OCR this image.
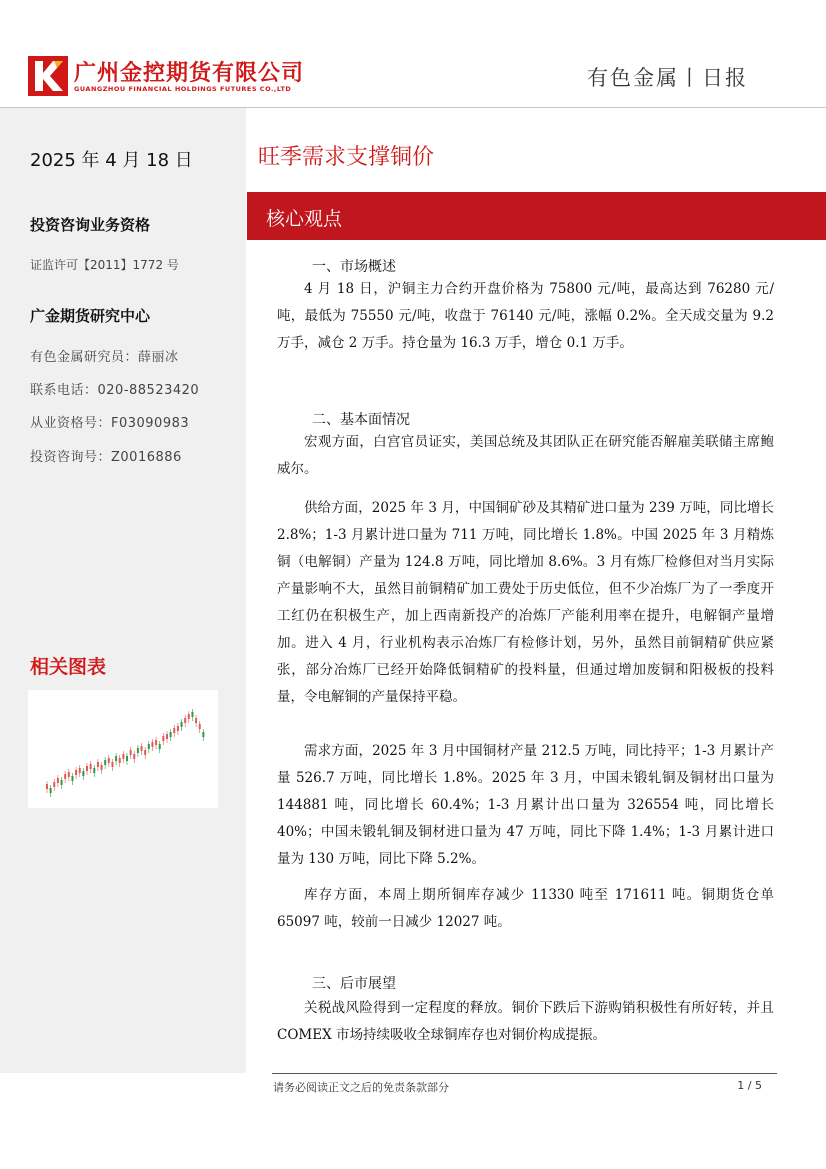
广州金控期货有限公司
GUANGZHOU FINANCIAL HOLDINGS FUTURES CO.,LTD	有色金属丨日报
2025 年 4 月 18 日
投资咨询业务资格
证监许可【2011】1772 号
广金期货研究中心
有色金属研究员：薛丽冰
联系电话：020-88523420
从业资格号：F03090983
投资咨询号：Z0016886
相关图表
旺季需求支撑铜价
核心观点
一、市场概述
4 月 18 日，沪铜主力合约开盘价格为 75800 元/吨，最高达到 76280 元/吨，最低为 75550 元/吨，收盘于 76140 元/吨，涨幅 0.2%。全天成交量为 9.2 万手，减仓 2 万手。持仓量为 16.3 万手，增仓 0.1 万手。
二、基本面情况
宏观方面，白宫官员证实，美国总统及其团队正在研究能否解雇美联储主席鲍威尔。
供给方面，2025 年 3 月，中国铜矿砂及其精矿进口量为 239 万吨，同比增长 2.8%；1-3 月累计进口量为 711 万吨，同比增长 1.8%。中国 2025 年 3 月精炼铜（电解铜）产量为 124.8 万吨，同比增加 8.6%。3 月有炼厂检修但对当月实际产量影响不大，虽然目前铜精矿加工费处于历史低位，但不少冶炼厂为了一季度开工红仍在积极生产，加上西南新投产的冶炼厂产能利用率在提升，电解铜产量增加。进入 4 月，行业机构表示冶炼厂有检修计划，另外，虽然目前铜精矿供应紧张，部分冶炼厂已经开始降低铜精矿的投料量，但通过增加废铜和阳极板的投料量，令电解铜的产量保持平稳。
需求方面，2025 年 3 月中国铜材产量 212.5 万吨，同比持平；1-3 月累计产量 526.7 万吨，同比增长 1.8%。2025 年 3 月，中国未锻轧铜及铜材出口量为 144881 吨，同比增长 60.4%；1-3 月累计出口量为 326554 吨，同比增长 40%；中国未锻轧铜及铜材进口量为 47 万吨，同比下降 1.4%；1-3 月累计进口量为 130 万吨，同比下降 5.2%。
库存方面，本周上期所铜库存减少 11330 吨至 171611 吨。铜期货仓单 65097 吨，较前一日减少 12027 吨。
三、后市展望
关税战风险得到一定程度的释放。铜价下跌后下游购销积极性有所好转，并且 COMEX 市场持续吸收全球铜库存也对铜价构成提振。
请务必阅读正文之后的免责条款部分	1 / 5
